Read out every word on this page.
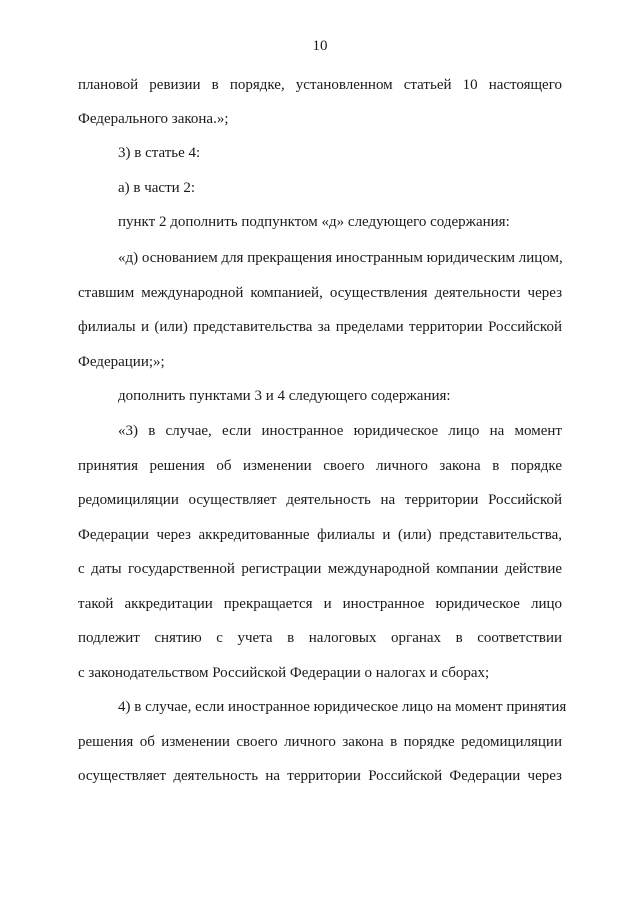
10
плановой ревизии в порядке, установленном статьей 10 настоящего
Федерального закона.»;
3) в статье 4:
а) в части 2:
пункт 2 дополнить подпунктом «д» следующего содержания:
«д) основанием для прекращения иностранным юридическим лицом,
ставшим международной компанией, осуществления деятельности через
филиалы и (или) представительства за пределами территории Российской
Федерации;»;
дополнить пунктами 3 и 4 следующего содержания:
«3) в случае, если иностранное юридическое лицо на момент
принятия решения об изменении своего личного закона в порядке
редомициляции осуществляет деятельность на территории Российской
Федерации через аккредитованные филиалы и (или) представительства,
с даты государственной регистрации международной компании действие
такой аккредитации прекращается и иностранное юридическое лицо
подлежит снятию с учета в налоговых органах в соответствии
с законодательством Российской Федерации о налогах и сборах;
4) в случае, если иностранное юридическое лицо на момент принятия
решения об изменении своего личного закона в порядке редомициляции
осуществляет деятельность на территории Российской Федерации через
